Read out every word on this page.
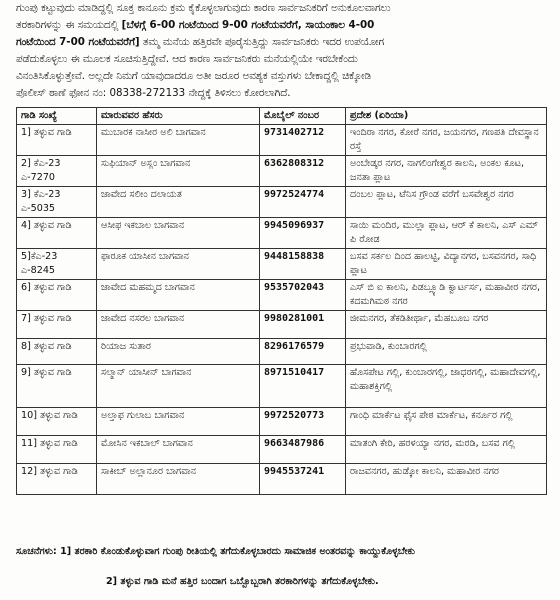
ಗುಂಪು ಕಟ್ಟುವುದು ಮಾಡಿದ್ದಲ್ಲಿ ಸೂಕ್ತ ಕಾನೂನು ಕ್ರಮ ಕೈಕೊಳ್ಳಲಾಗುವುದು ಕಾರಣ ಸಾರ್ವಜನಿಕರಿಗೆ ಅನುಕೂಲವಾಗಲು

ತರಕಾರಿಗಳನ್ನು ಈ ಸಮಯದಲ್ಲಿ [ಬೆಳಗ್ಗೆ 6-00 ಗಂಟೆಯಿಂದ 9-00 ಗಂಟೆಯವರೆಗೆ, ಸಾಯಂಕಾಲ 4-00

ಗಂಟೆಯಿಂದ 7-00 ಗಂಟೆಯವರೆಗೆ] ತಮ್ಮ ಮನೆಯ ಹತ್ತಿರವೇ ಪೂರೈಸುತ್ತಿದ್ದು ಸಾರ್ವಜನಿಕರು ಇದರ ಉಪಯೋಗ

ಪಡೆದುಕೊಳ್ಳಲು ಈ ಮೂಲಕ ಸೂಚಿಸುತ್ತಿದ್ದೇವೆ. ಆದ ಕಾರಣ ಸಾರ್ವಜನಿಕರು ಮನೆಯಲ್ಲಿಯೇ ಇರಬೇಕೆಂದು

ವಿನಂತಿಸಿಕೊಳ್ಳುತ್ತೇವೆ. ಅಲ್ಲದೇ ನಿಮಗೆ ಯಾವುದಾದರೂ ಅತೀ ಜರೂರ ಅವಶ್ಯಕ ವಸ್ತುಗಳು ಬೇಕಾದ್ದಲ್ಲಿ ಚಿಕ್ಕೋಡಿ

ಪೊಲೀಸ್ ಠಾಣೆ ಫೋನ ನಂ: 08338-272133 ನೇದ್ದಕ್ಕೆ ತಿಳಿಸಲು ಕೋರಲಾಗಿದೆ.

ಗಾಡಿ ಸಂಖ್ಯೆ	ಮಾರುವವರ ಹೆಸರು	ಮೊಬೈಲ್ ನಂಬರ	ಪ್ರದೇಶ (ಏರಿಯಾ)
1] ತಳ್ಳುವ ಗಾಡಿ	ಮುಬಾರಕ ನಾಸೀರ ಅಲಿ ಬಾಗವಾನ	9731402712	ಇಂದಿರಾ ನಗರ, ಕೋರೆ ನಗರ, ಜಯನಗರ, ಗಣಪತಿ ದೇವಸ್ಥಾನ ರಸ್ತೆ
2] ಕೆಎ-23 ಎ-7270	ಸುಫಿಯಾನ್ ಅಸ್ಲಂ ಬಾಗವಾನ	6362808312	ಅಂಬೇಡ್ಕರ ನಗರ, ನಾಗಲಿಂಗೇಶ್ವರ ಕಾಲನಿ, ಅಂಕಲ ಕೂಟ, ಜನತಾ ಪ್ಲಾಟ
3] ಕೆಎ-23 ಎ-5035	ಜಾವೇದ ಸಲೀಂ ದಲಾಯತ	9972524774	ದಂಬಲ ಪ್ಲಾಟ, ಟೆನಿಸ ಗ್ರೌಂಡ ವರೆಗೆ ಬಸವೇಶ್ವರ ನಗರ
4] ತಳ್ಳುವ ಗಾಡಿ	ಆಸೀಫ ಇಕಬಾಲ ಬಾಗವಾನ	9945096937	ಸಾಯಿ ಮಂದಿರ, ಮುಲ್ಲಾ ಪ್ಲಾಟ, ಆರ್ ಕೆ ಕಾಲನಿ, ಎಸ್ ಎಮ್ ಪಿ ರೋಡ
5]ಕೆಎ-23 ಎ-8245	ಫಾರೂಕ ಯಾಸೀನ ಬಾಗವಾನ	9448158838	ಬಸವ ಸರ್ಕಲ ದಿಂದ ಹಾಲಟ್ಟಿ, ವಿದ್ಯಾನಗರ, ಬಸವನಗರ, ಸಾಧಿ ಪ್ಲಾಟ
6] ತಳ್ಳುವ ಗಾಡಿ	ಜಾವೇದ ಮಹಮ್ಮದ ಬಾಗವಾನ	9535702043	ಎಸ್ ಬಿ ಐ ಕಾಲನಿ, ಪಿಡಬ್ಲ್ಯೂಡಿ ಕ್ವಾರ್ಟರ್ಸ, ಮಹಾವೀರ ನಗರ, ಕದಮಗಿಮಠ ನಗರ
7] ತಳ್ಳುವ ಗಾಡಿ	ಜಾವೇದ ನಸರಲ ಬಾಗವಾನ	9980281001	ಜೀಮನಗರ, ತೆಕಡಿತೀರ್ಥಾ, ಮೆಹಬೂಬ ನಗರ
8] ತಳ್ಳುವ ಗಾಡಿ	ರಿಯಾಜ ಸುತಾರ	8296176579	ಪ್ರಭುವಾಡಿ, ಕುಂಬಾರಗಲ್ಲಿ
9] ತಳ್ಳುವ ಗಾಡಿ	ಸಲ್ಮಾನ್ ಯಾಸೀನ್ ಬಾಗವಾನ	8971510417	ಹೊಸಪೇಟ ಗಲ್ಲಿ, ಕುಂಬಾರಗಲ್ಲಿ, ಜಾಧರಗಲ್ಲಿ, ಮಹಾದೇವಗಲ್ಲಿ, ಮಹಾಶಕ್ತಿಗಲ್ಲಿ
10] ತಳ್ಳುವ ಗಾಡಿ	ಅಲ್ತಾಫ ಗುಲಾಬ ಬಾಗವಾನ	9972520773	ಗಾಂಧಿ ಮಾರ್ಕೆಟ ಫೈಸ ಪೇಠ ಮಾರ್ಕೆಟ, ಕರ್ನೂರ ಗಲ್ಲಿ
11] ತಳ್ಳುವ ಗಾಡಿ	ಮೋಸಿನ ಇಕಬಾಲ್ ಬಾಗವಾನ	9663487986	ಮಾತಂಗಿ ಕೇರಿ, ಹರಳಯ್ಯಾ ನಗರ, ಮರಡಿ, ಬಸವ ಗಲ್ಲಿ
12] ತಳ್ಳುವ ಗಾಡಿ	ಸಾಕೀಬ್ ಅಲ್ಲಾನೂರ ಬಾಗವಾನ	9945537241	ರಾಜವನಗರ, ಹುಡ್ಕೋ ಕಾಲನಿ, ಮಹಾವೀರ ನಗರ
ಸೂಚನೆಗಳು: 1] ತರಕಾರಿ ಕೊಂಡುಕೊಳ್ಳುವಾಗ ಗುಂಪು ರೀತಿಯಲ್ಲಿ ತಗೆದುಕೊಳ್ಳಬಾರದು ಸಾಮಾಜಿಕ ಅಂತರವನ್ನು ಕಾಯ್ದುಕೊಳ್ಳಬೇಕು
2] ತಳ್ಳುವ ಗಾಡಿ ಮನೆ ಹತ್ತಿರ ಬಂದಾಗ ಒಬ್ಬೊಬ್ಬರಾಗಿ ತರಕಾರಿಗಳನ್ನು ತಗೆದುಕೊಳ್ಳಬೇಕು.
